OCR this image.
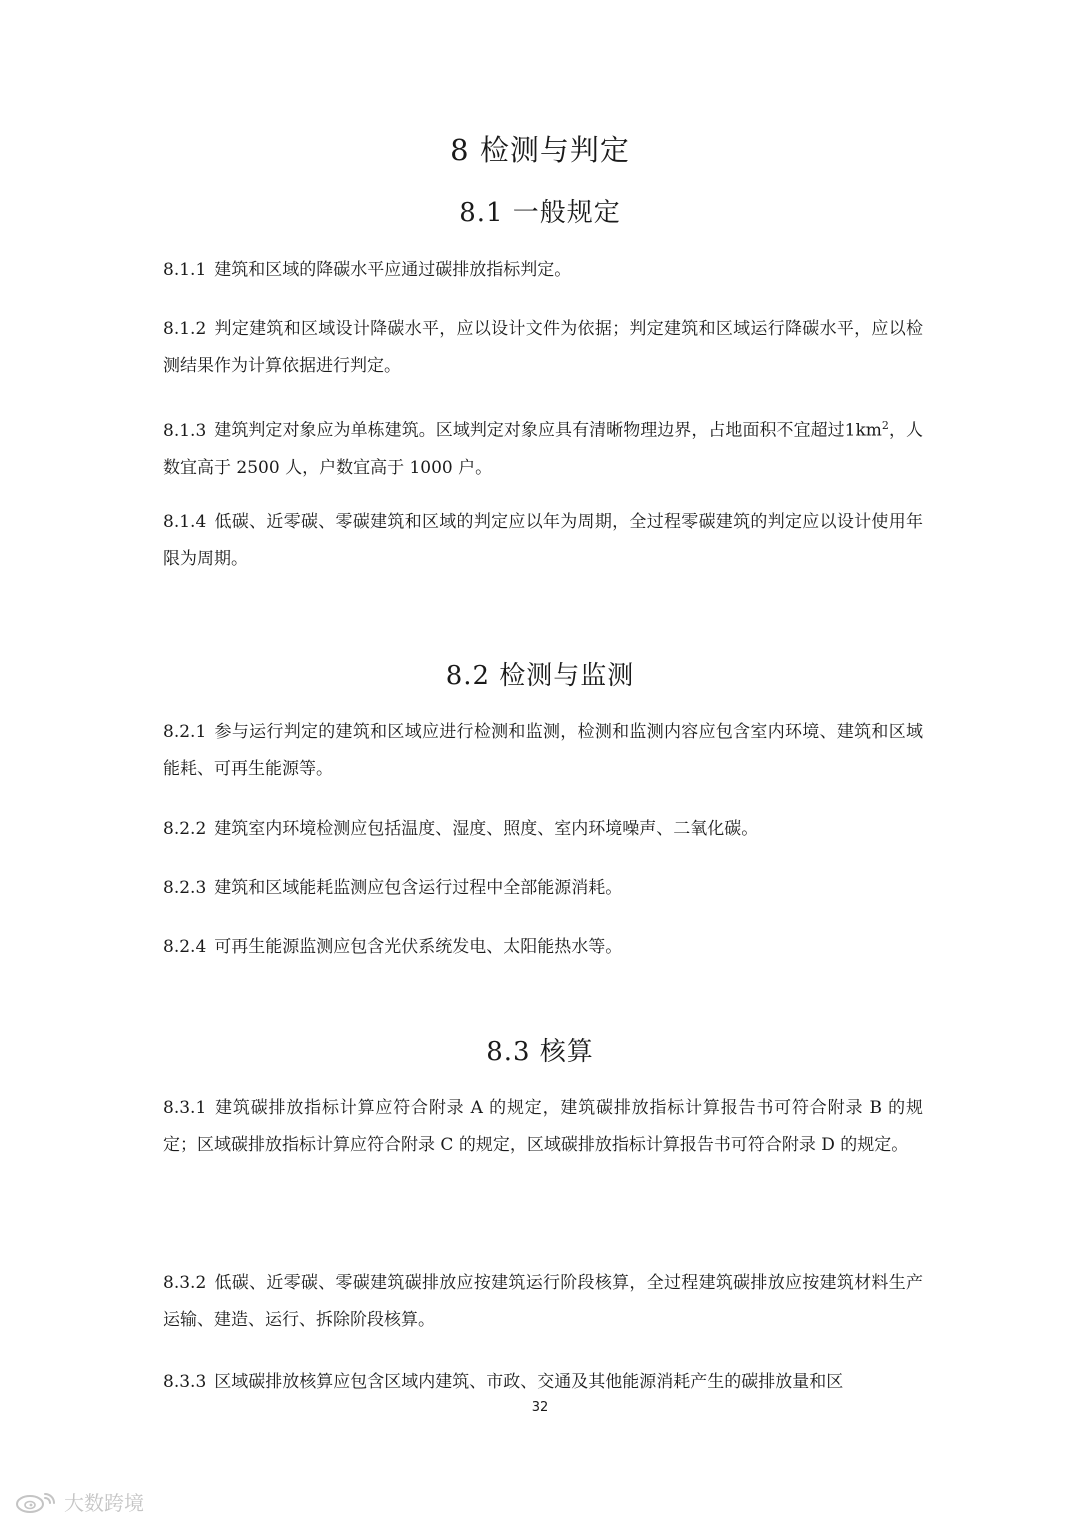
8 检测与判定
8.1 一般规定

8.1.1 建筑和区域的降碳水平应通过碳排放指标判定。

8.1.2 判定建筑和区域设计降碳水平，应以设计文件为依据；判定建筑和区域运行降碳水平，应以检测结果作为计算依据进行判定。

8.1.3 建筑判定对象应为单栋建筑。区域判定对象应具有清晰物理边界，占地面积不宜超过$1km^2$，人数宜高于 2500 人，户数宜高于 1000 户。

8.1.4 低碳、近零碳、零碳建筑和区域的判定应以年为周期，全过程零碳建筑的判定应以设计使用年限为周期。

8.2 检测与监测

8.2.1 参与运行判定的建筑和区域应进行检测和监测，检测和监测内容应包含室内环境、建筑和区域能耗、可再生能源等。

8.2.2 建筑室内环境检测应包括温度、湿度、照度、室内环境噪声、二氧化碳。

8.2.3 建筑和区域能耗监测应包含运行过程中全部能源消耗。

8.2.4 可再生能源监测应包含光伏系统发电、太阳能热水等。

8.3 核算

8.3.1 建筑碳排放指标计算应符合附录 A 的规定，建筑碳排放指标计算报告书可符合附录 B 的规定；区域碳排放指标计算应符合附录 C 的规定，区域碳排放指标计算报告书可符合附录 D 的规定。

8.3.2 低碳、近零碳、零碳建筑碳排放应按建筑运行阶段核算，全过程建筑碳排放应按建筑材料生产运输、建造、运行、拆除阶段核算。

8.3.3 区域碳排放核算应包含区域内建筑、市政、交通及其他能源消耗产生的碳排放量和区

32
大数跨境
